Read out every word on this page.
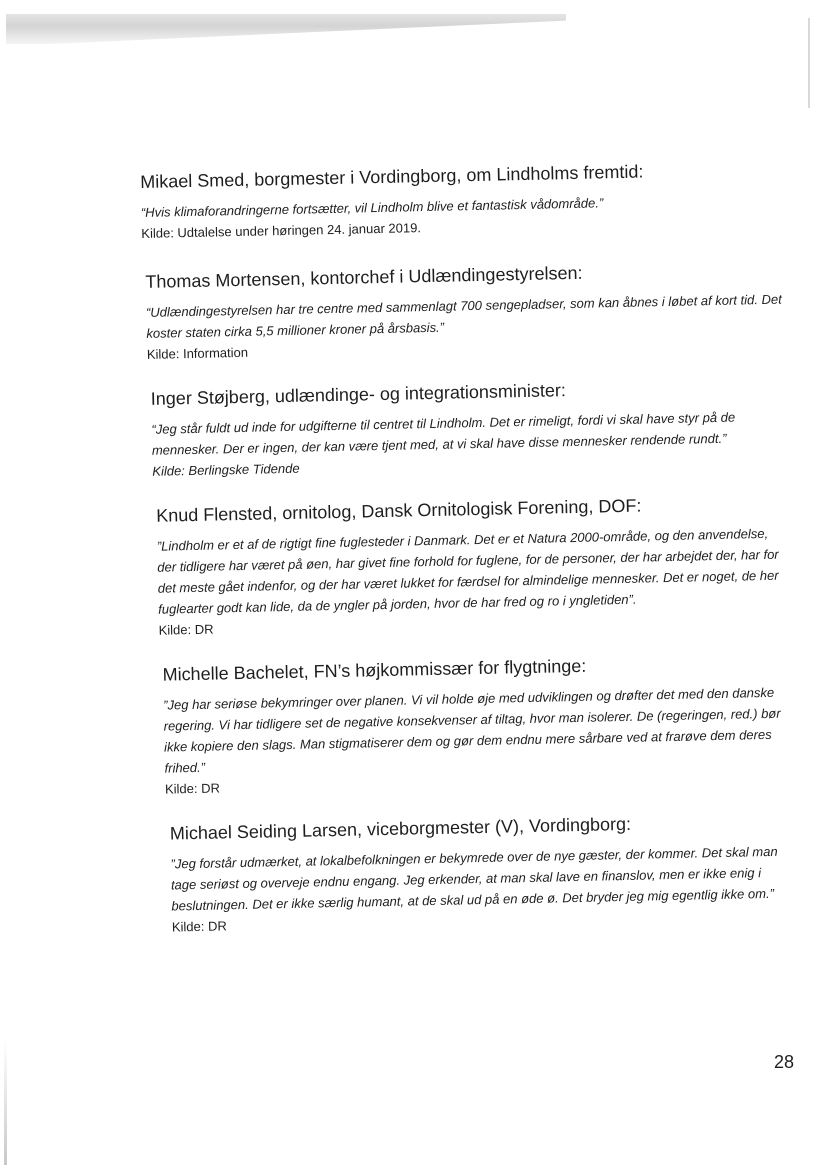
Mikael Smed, borgmester i Vordingborg, om Lindholms fremtid:

“Hvis klimaforandringerne fortsætter, vil Lindholm blive et fantastisk vådområde.”

Kilde: Udtalelse under høringen 24. januar 2019.

Thomas Mortensen, kontorchef i Udlændingestyrelsen:

“Udlændingestyrelsen har tre centre med sammenlagt 700 sengepladser, som kan åbnes i løbet af kort tid. Det koster staten cirka 5,5 millioner kroner på årsbasis.”

Kilde: Information

Inger Støjberg, udlændinge- og integrationsminister:

“Jeg står fuldt ud inde for udgifterne til centret til Lindholm. Det er rimeligt, fordi vi skal have styr på de mennesker. Der er ingen, der kan være tjent med, at vi skal have disse mennesker rendende rundt.”

Kilde: Berlingske Tidende

Knud Flensted, ornitolog, Dansk Ornitologisk Forening, DOF:

”Lindholm er et af de rigtigt fine fuglesteder i Danmark. Det er et Natura 2000-område, og den anvendelse, der tidligere har været på øen, har givet fine forhold for fuglene, for de personer, der har arbejdet der, har for det meste gået indenfor, og der har været lukket for færdsel for almindelige mennesker. Det er noget, de her fuglearter godt kan lide, da de yngler på jorden, hvor de har fred og ro i yngletiden”.

Kilde: DR

Michelle Bachelet, FN’s højkommissær for flygtninge:

”Jeg har seriøse bekymringer over planen. Vi vil holde øje med udviklingen og drøfter det med den danske regering. Vi har tidligere set de negative konsekvenser af tiltag, hvor man isolerer. De (regeringen, red.) bør ikke kopiere den slags. Man stigmatiserer dem og gør dem endnu mere sårbare ved at frarøve dem deres frihed.”

Kilde: DR

Michael Seiding Larsen, viceborgmester (V), Vordingborg:

”Jeg forstår udmærket, at lokalbefolkningen er bekymrede over de nye gæster, der kommer. Det skal man tage seriøst og overveje endnu engang. Jeg erkender, at man skal lave en finanslov, men er ikke enig i beslutningen. Det er ikke særlig humant, at de skal ud på en øde ø. Det bryder jeg mig egentlig ikke om.”

Kilde: DR

28
